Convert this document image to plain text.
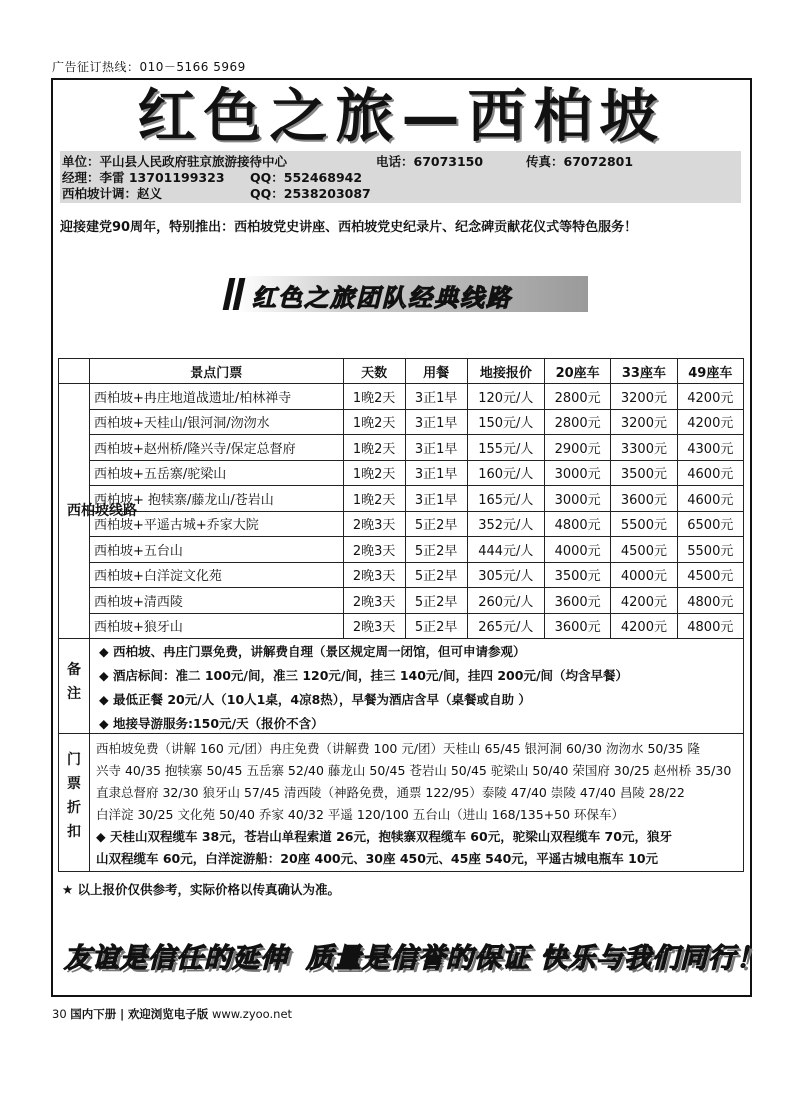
广告征订热线：010－5166 5969
红色之旅—西柏坡
单位：平山县人民政府驻京旅游接待中心	电话：67073150	传真：67072801
经理：李雷 13701199323 QQ：552468942
西柏坡计调：赵义	QQ：2538203087
迎接建党90周年，特别推出：西柏坡党史讲座、西柏坡党史纪录片、纪念碑贡献花仪式等特色服务！
红色之旅团队经典线路
	景点门票	天数	用餐	地接报价	20座车	33座车	49座车
西柏坡线路	西柏坡+冉庄地道战遗址/柏林禅寺	1晚2天	3正1早	120元/人	2800元	3200元	4200元
	西柏坡+天桂山/银河洞/沕沕水	1晚2天	3正1早	150元/人	2800元	3200元	4200元
	西柏坡+赵州桥/隆兴寺/保定总督府	1晚2天	3正1早	155元/人	2900元	3300元	4300元
	西柏坡+五岳寨/驼梁山	1晚2天	3正1早	160元/人	3000元	3500元	4600元
	西柏坡+ 抱犊寨/藤龙山/苍岩山	1晚2天	3正1早	165元/人	3000元	3600元	4600元
	西柏坡+平遥古城+乔家大院	2晚3天	5正2早	352元/人	4800元	5500元	6500元
	西柏坡+五台山	2晚3天	5正2早	444元/人	4000元	4500元	5500元
	西柏坡+白洋淀文化苑	2晚3天	5正2早	305元/人	3500元	4000元	4500元
	西柏坡+清西陵	2晚3天	5正2早	260元/人	3600元	4200元	4800元
	西柏坡+狼牙山	2晚3天	5正2早	265元/人	3600元	4200元	4800元
备注
◆ 西柏坡、冉庄门票免费，讲解费自理（景区规定周一闭馆，但可申请参观）
◆ 酒店标间：准二 100元/间，准三 120元/间，挂三 140元/间，挂四 200元/间（均含早餐）
◆ 最低正餐 20元/人（10人1桌，4凉8热），早餐为酒店含早（桌餐或自助 ）
◆ 地接导游服务:150元/天（报价不含）
门票折扣
西柏坡免费（讲解 160 元/团）冉庄免费（讲解费 100 元/团）天桂山 65/45 银河洞 60/30 沕沕水 50/35 隆
兴寺 40/35 抱犊寨 50/45 五岳寨 52/40 藤龙山 50/45 苍岩山 50/45 驼梁山 50/40 荣国府 30/25 赵州桥 35/30
直隶总督府 32/30 狼牙山 57/45 清西陵（神路免费，通票 122/95）泰陵 47/40 崇陵 47/40 昌陵 28/22
白洋淀 30/25 文化苑 50/40 乔家 40/32 平遥 120/100 五台山（进山 168/135+50 环保车）
◆ 天桂山双程缆车 38元，苍岩山单程索道 26元，抱犊寨双程缆车 60元，驼梁山双程缆车 70元，狼牙
山双程缆车 60元，白洋淀游船：20座 400元、30座 450元、45座 540元，平遥古城电瓶车 10元
★ 以上报价仅供参考，实际价格以传真确认为准。
友谊是信任的延伸 质量是信誉的保证 快乐与我们同行！
30 国内下册 | 欢迎浏览电子版 www.zyoo.net
